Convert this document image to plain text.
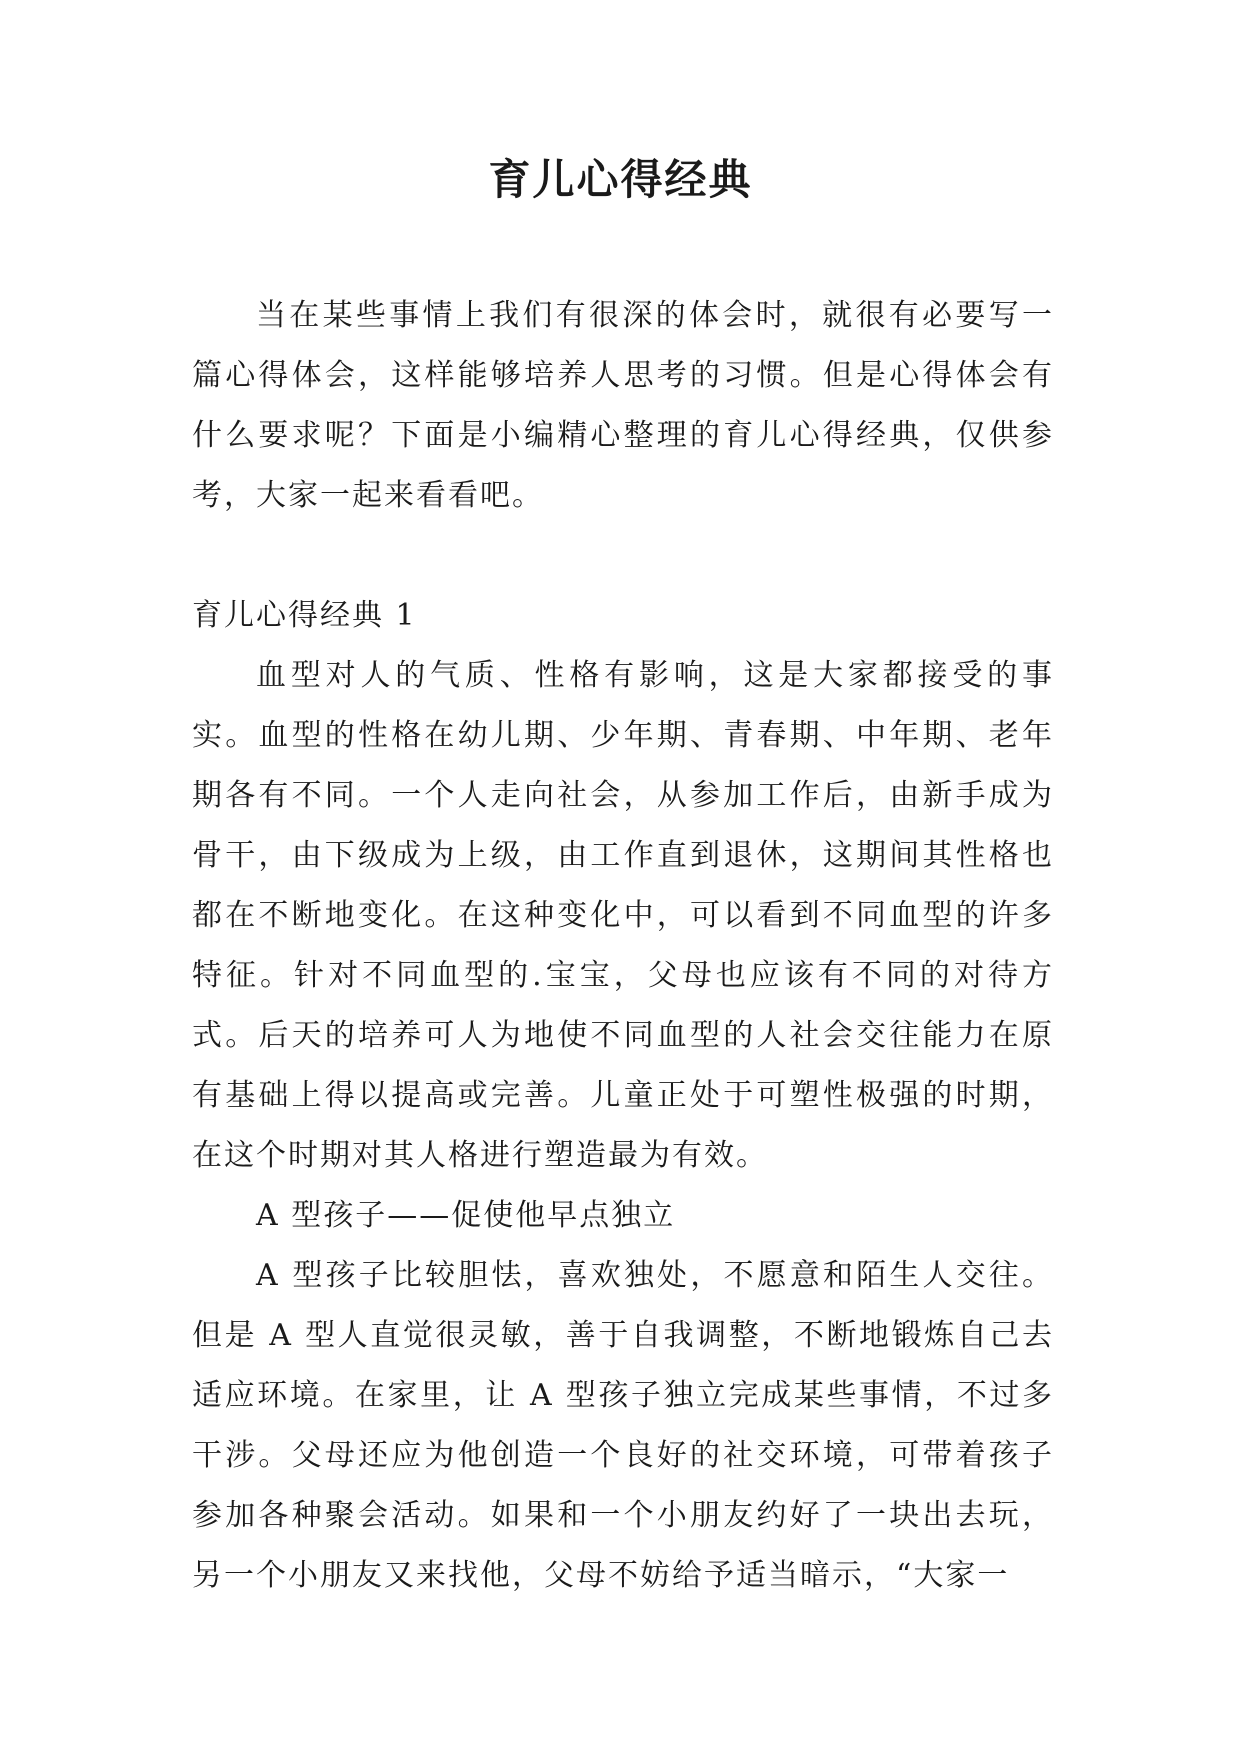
育儿心得经典

当在某些事情上我们有很深的体会时，就很有必要写一篇心得体会，这样能够培养人思考的习惯。但是心得体会有什么要求呢？下面是小编精心整理的育儿心得经典，仅供参考，大家一起来看看吧。

育儿心得经典 1

血型对人的气质、性格有影响，这是大家都接受的事实。血型的性格在幼儿期、少年期、青春期、中年期、老年期各有不同。一个人走向社会，从参加工作后，由新手成为骨干，由下级成为上级，由工作直到退休，这期间其性格也都在不断地变化。在这种变化中，可以看到不同血型的许多特征。针对不同血型的.宝宝，父母也应该有不同的对待方式。后天的培养可人为地使不同血型的人社会交往能力在原有基础上得以提高或完善。儿童正处于可塑性极强的时期，在这个时期对其人格进行塑造最为有效。

A 型孩子——促使他早点独立

A 型孩子比较胆怯，喜欢独处，不愿意和陌生人交往。但是 A 型人直觉很灵敏，善于自我调整，不断地锻炼自己去适应环境。在家里，让 A 型孩子独立完成某些事情，不过多干涉。父母还应为他创造一个良好的社交环境，可带着孩子参加各种聚会活动。如果和一个小朋友约好了一块出去玩，另一个小朋友又来找他，父母不妨给予适当暗示，“大家一
